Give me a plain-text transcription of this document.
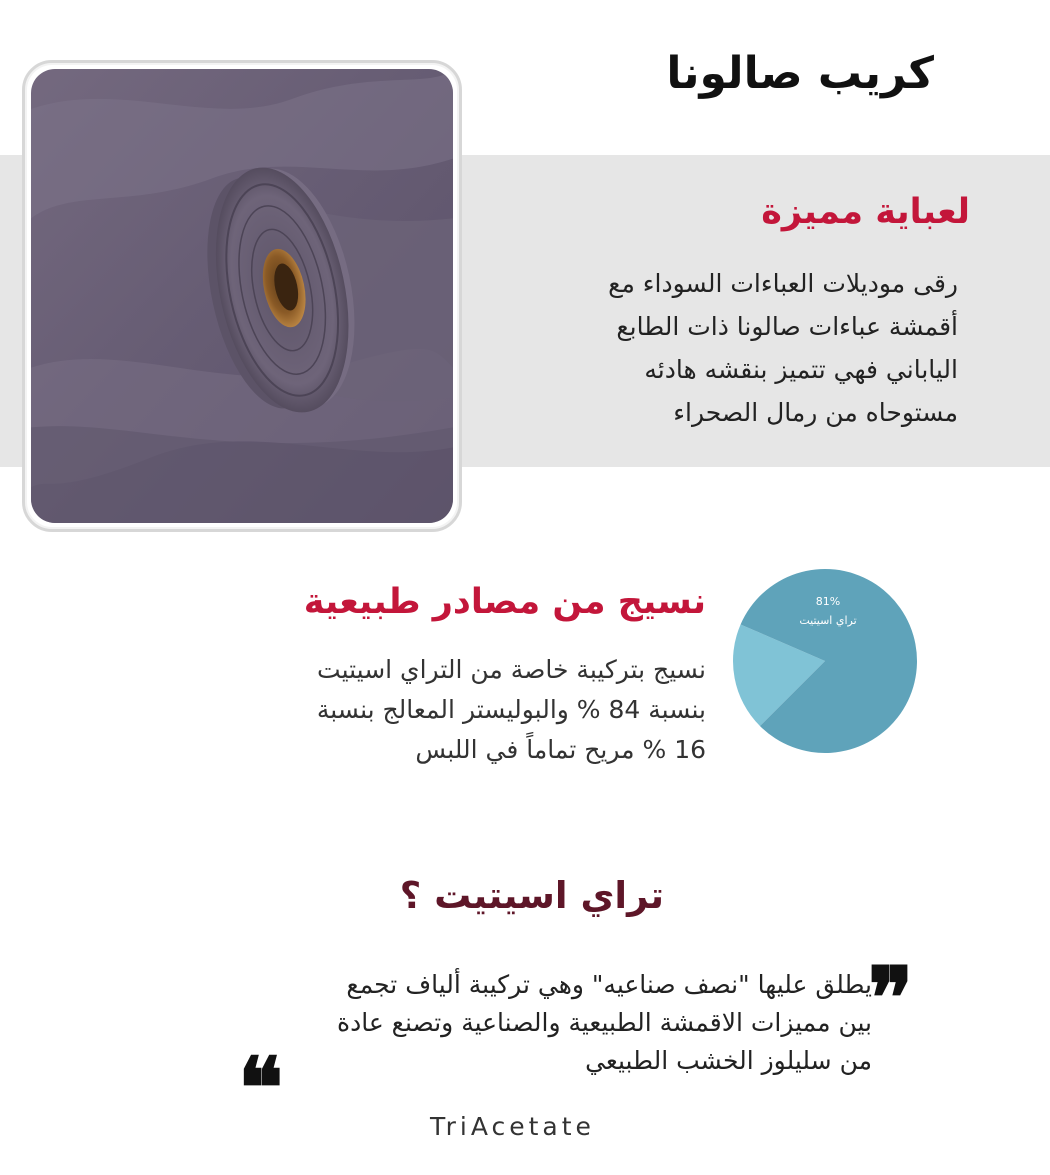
كريب صالونا
لعباية مميزة
رقى موديلات العباءات السوداء مع
أقمشة عباءات صالونا ذات الطابع
الياباني فهي تتميز بنقشه هادئه
مستوحاه من رمال الصحراء
81%
تراي اسيتيت
نسيج من مصادر طبيعية
نسيج بتركيبة خاصة من التراي اسيتيت
بنسبة 84 % والبوليستر المعالج بنسبة
16 % مريح تماماً في اللبس
تراي اسيتيت ؟
❞
يطلق عليها "نصف صناعيه" وهي تركيبة ألياف تجمع
بين مميزات الاقمشة الطبيعية والصناعية وتصنع عادة
من سليلوز الخشب الطبيعي
❝	TriAcetate
